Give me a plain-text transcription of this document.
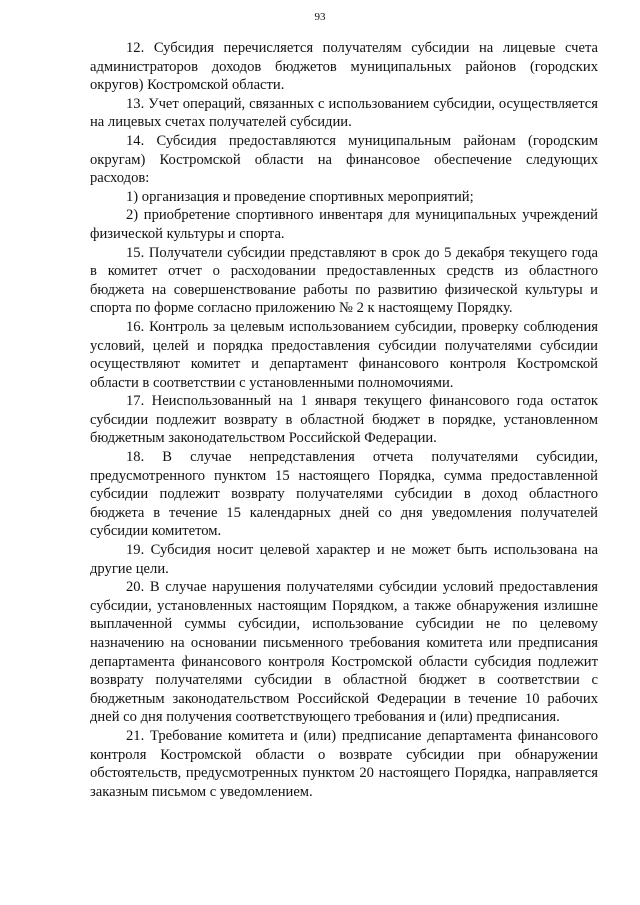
93

12. Субсидия перечисляется получателям субсидии на лицевые счета администраторов доходов бюджетов муниципальных районов (городских округов) Костромской области.

13. Учет операций, связанных с использованием субсидии, осуществляется на лицевых счетах получателей субсидии.

14. Субсидия предоставляются муниципальным районам (городским округам) Костромской области на финансовое обеспечение следующих расходов:

1) организация и проведение спортивных мероприятий;

2) приобретение спортивного инвентаря для муниципальных учреждений физической культуры и спорта.

15. Получатели субсидии представляют в срок до 5 декабря текущего года в комитет отчет о расходовании предоставленных средств из областного бюджета на совершенствование работы по развитию физической культуры и спорта по форме согласно приложению № 2 к настоящему Порядку.

16. Контроль за целевым использованием субсидии, проверку соблюдения условий, целей и порядка предоставления субсидии получателями субсидии осуществляют комитет и департамент финансового контроля Костромской области в соответствии с установленными полномочиями.

17. Неиспользованный на 1 января текущего финансового года остаток субсидии подлежит возврату в областной бюджет в порядке, установленном бюджетным законодательством Российской Федерации.

18. В случае непредставления отчета получателями субсидии, предусмотренного пунктом 15 настоящего Порядка, сумма предоставленной субсидии подлежит возврату получателями субсидии в доход областного бюджета в течение 15 календарных дней со дня уведомления получателей субсидии комитетом.

19. Субсидия носит целевой характер и не может быть использована на другие цели.

20. В случае нарушения получателями субсидии условий предоставления субсидии, установленных настоящим Порядком, а также обнаружения излишне выплаченной суммы субсидии, использование субсидии не по целевому назначению на основании письменного требования комитета или предписания департамента финансового контроля Костромской области субсидия подлежит возврату получателями субсидии в областной бюджет в соответствии с бюджетным законодательством Российской Федерации в течение 10 рабочих дней со дня получения соответствующего требования и (или) предписания.

21. Требование комитета и (или) предписание департамента финансового контроля Костромской области о возврате субсидии при обнаружении обстоятельств, предусмотренных пунктом 20 настоящего Порядка, направляется заказным письмом с уведомлением.
